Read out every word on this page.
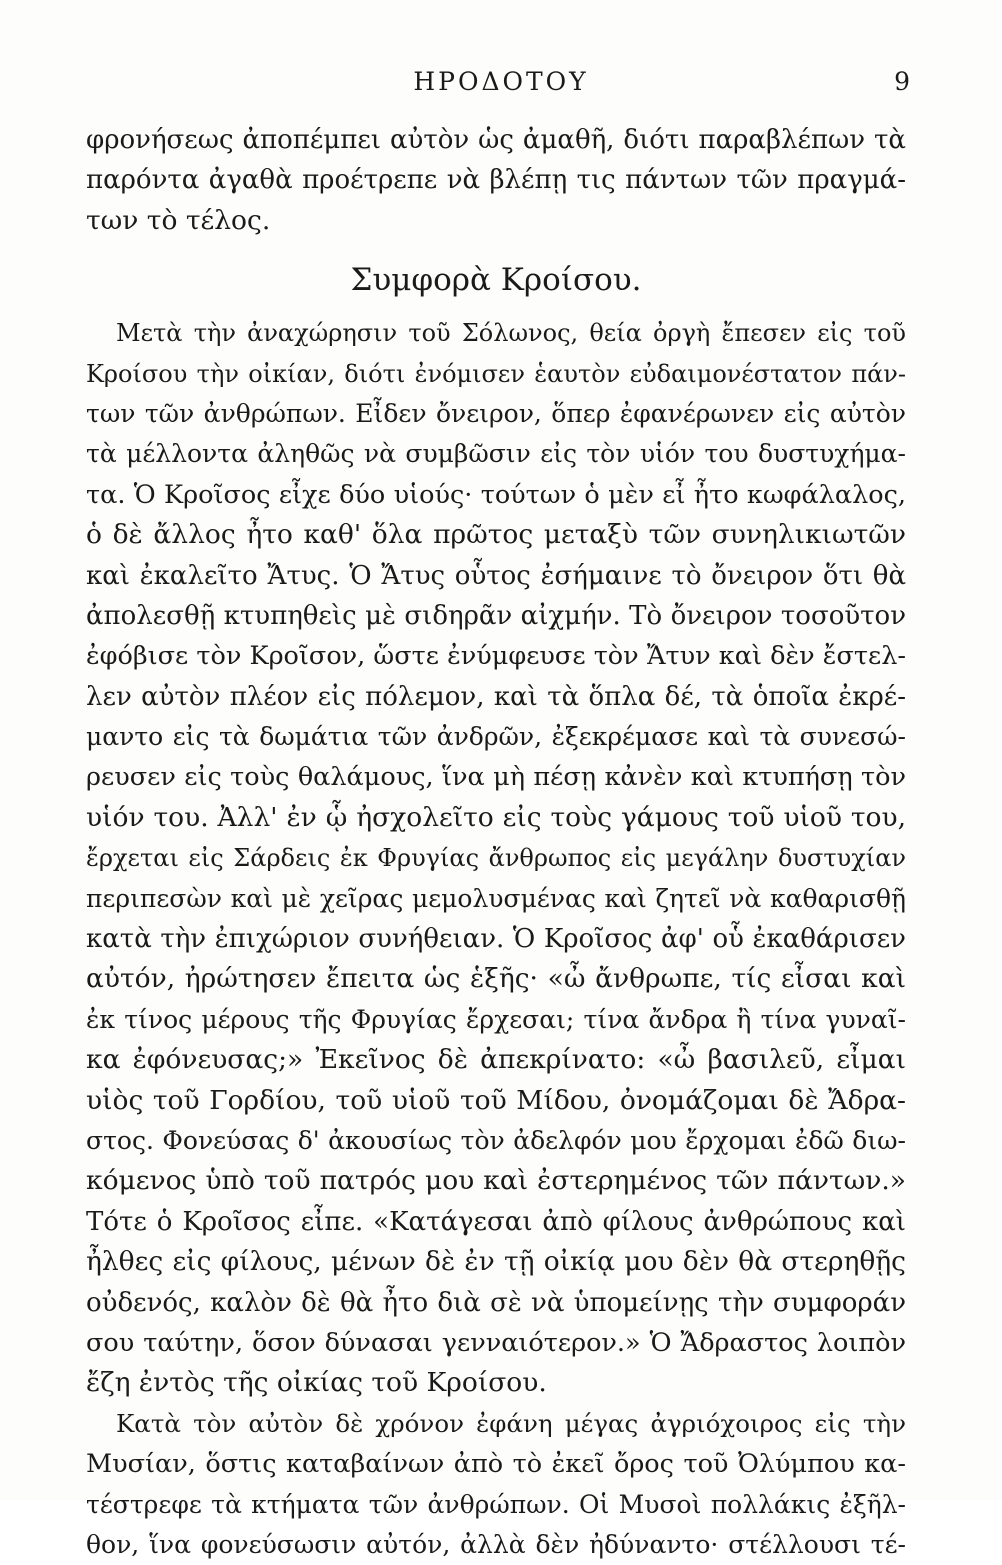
ΗΡΟΔΟΤΟΥ	9
φρονήσεως ἀποπέμπει αὐτὸν ὡς ἀμαθῆ, διότι παραβλέπων τὰ
παρόντα ἀγαθὰ προέτρεπε νὰ βλέπῃ τις πάντων τῶν πραγμά-
των τὸ τέλος.
Συμφορὰ Κροίσου.
Μετὰ τὴν ἀναχώρησιν τοῦ Σόλωνος, θεία ὀργὴ ἔπεσεν εἰς τοῦ
Κροίσου τὴν οἰκίαν, διότι ἐνόμισεν ἑαυτὸν εὐδαιμονέστατον πάν-
των τῶν ἀνθρώπων. Εἶδεν ὄνειρον, ὅπερ ἐφανέρωνεν εἰς αὐτὸν
τὰ μέλλοντα ἀληθῶς νὰ συμβῶσιν εἰς τὸν υἱόν του δυστυχήμα-
τα. Ὁ Κροῖσος εἶχε δύο υἱούς· τούτων ὁ μὲν εἶ ἦτο κωφάλαλος,
ὁ δὲ ἄλλος ἦτο καθ' ὅλα πρῶτος μεταξὺ τῶν συνηλικιωτῶν
καὶ ἐκαλεῖτο Ἄτυς. Ὁ Ἄτυς οὗτος ἐσήμαινε τὸ ὄνειρον ὅτι θὰ
ἀπολεσθῇ κτυπηθεὶς μὲ σιδηρᾶν αἰχμήν. Τὸ ὄνειρον τοσοῦτον
ἐφόβισε τὸν Κροῖσον, ὥστε ἐνύμφευσε τὸν Ἄτυν καὶ δὲν ἔστελ-
λεν αὐτὸν πλέον εἰς πόλεμον, καὶ τὰ ὅπλα δέ, τὰ ὁποῖα ἐκρέ-
μαντο εἰς τὰ δωμάτια τῶν ἀνδρῶν, ἐξεκρέμασε καὶ τὰ συνεσώ-
ρευσεν εἰς τοὺς θαλάμους, ἵνα μὴ πέσῃ κἀνὲν καὶ κτυπήσῃ τὸν
υἱόν του. Ἀλλ' ἐν ᾧ ἠσχολεῖτο εἰς τοὺς γάμους τοῦ υἱοῦ του,
ἔρχεται εἰς Σάρδεις ἐκ Φρυγίας ἄνθρωπος εἰς μεγάλην δυστυχίαν
περιπεσὼν καὶ μὲ χεῖρας μεμολυσμένας καὶ ζητεῖ νὰ καθαρισθῇ
κατὰ τὴν ἐπιχώριον συνήθειαν. Ὁ Κροῖσος ἀφ' οὗ ἐκαθάρισεν
αὐτόν, ἠρώτησεν ἔπειτα ὡς ἑξῆς· «ὦ ἄνθρωπε, τίς εἶσαι καὶ
ἐκ τίνος μέρους τῆς Φρυγίας ἔρχεσαι; τίνα ἄνδρα ἢ τίνα γυναῖ-
κα ἐφόνευσας;» Ἐκεῖνος δὲ ἀπεκρίνατο: «ὦ βασιλεῦ, εἶμαι
υἱὸς τοῦ Γορδίου, τοῦ υἱοῦ τοῦ Μίδου, ὀνομάζομαι δὲ Ἄδρα-
στος. Φονεύσας δ' ἀκουσίως τὸν ἀδελφόν μου ἔρχομαι ἐδῶ διω-
κόμενος ὑπὸ τοῦ πατρός μου καὶ ἐστερημένος τῶν πάντων.»
Τότε ὁ Κροῖσος εἶπε. «Κατάγεσαι ἀπὸ φίλους ἀνθρώπους καὶ
ἦλθες εἰς φίλους, μένων δὲ ἐν τῇ οἰκίᾳ μου δὲν θὰ στερηθῇς
οὐδενός, καλὸν δὲ θὰ ἦτο διὰ σὲ νὰ ὑπομείνῃς τὴν συμφοράν
σου ταύτην, ὅσον δύνασαι γενναιότερον.» Ὁ Ἄδραστος λοιπὸν
ἔζη ἐντὸς τῆς οἰκίας τοῦ Κροίσου.
Κατὰ τὸν αὐτὸν δὲ χρόνον ἐφάνη μέγας ἀγριόχοιρος εἰς τὴν
Μυσίαν, ὅστις καταβαίνων ἀπὸ τὸ ἐκεῖ ὄρος τοῦ Ὀλύμπου κα-
τέστρεφε τὰ κτήματα τῶν ἀνθρώπων. Οἱ Μυσοὶ πολλάκις ἐξῆλ-
θον, ἵνα φονεύσωσιν αὐτόν, ἀλλὰ δὲν ἠδύναντο· στέλλουσι τέ-
